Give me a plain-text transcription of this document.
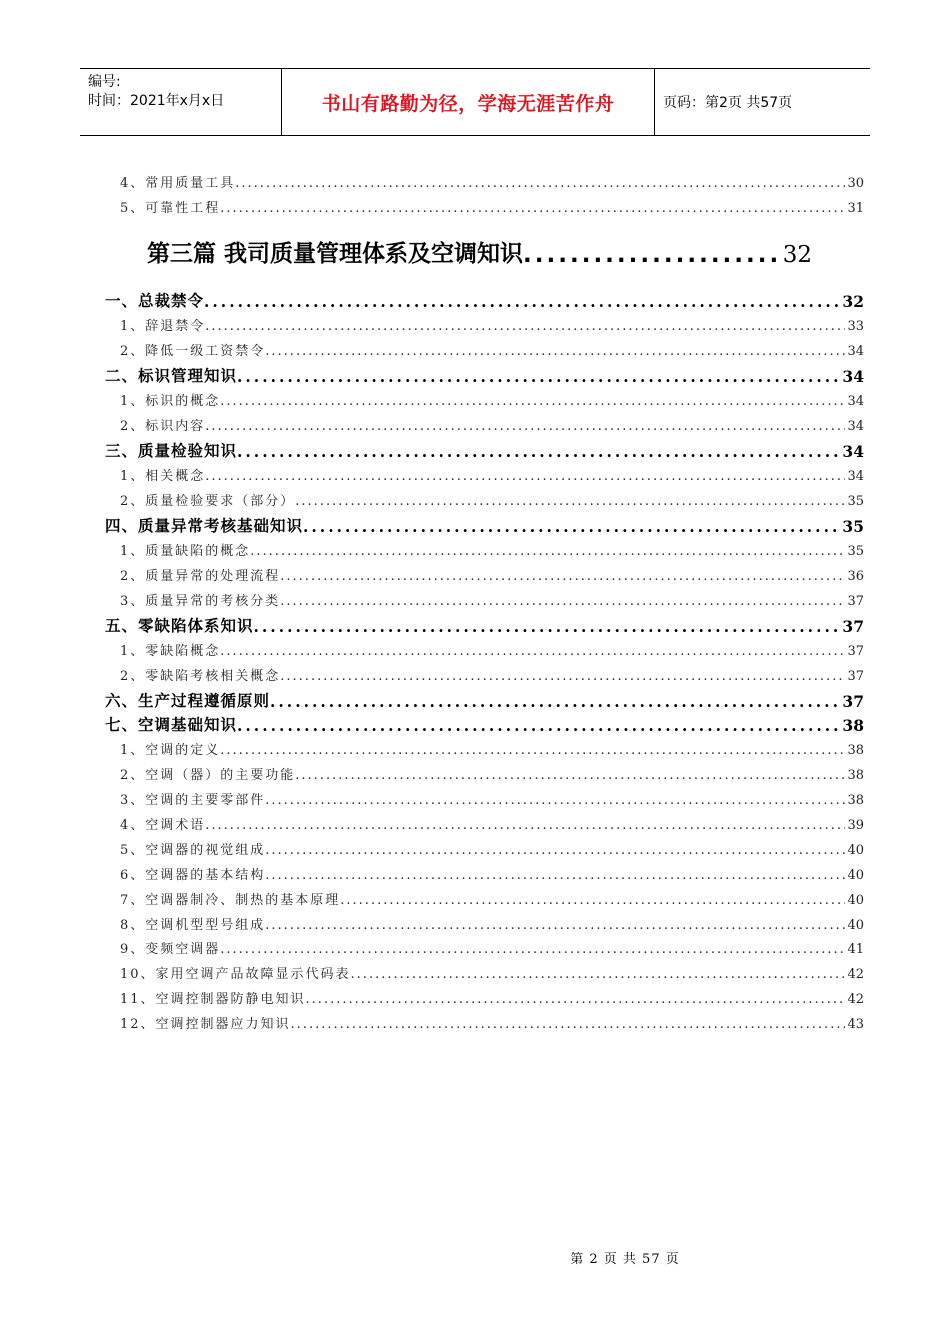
编号:
时间：2021年x月x日	书山有路勤为径，学海无涯苦作舟	页码：第2页 共57页
4、常用质量工具 .....	30
5、可靠性工程 .....	31
第三篇 我司质量管理体系及空调知识 .....	32
一、总裁禁令 .....	32
1、辞退禁令 .....	33
2、降低一级工资禁令 .....	34
二、标识管理知识 .....	34
1、标识的概念 .....	34
2、标识内容 .....	34
三、质量检验知识 .....	34
1、相关概念 .....	34
2、质量检验要求（部分） .....	35
四、质量异常考核基础知识 .....	35
1、质量缺陷的概念 .....	35
2、质量异常的处理流程 .....	36
3、质量异常的考核分类 .....	37
五、零缺陷体系知识 .....	37
1、零缺陷概念 .....	37
2、零缺陷考核相关概念 .....	37
六、生产过程遵循原则 .....	37
七、空调基础知识 .....	38
1、空调的定义 .....	38
2、空调（器）的主要功能 .....	38
3、空调的主要零部件 .....	38
4、空调术语 .....	39
5、空调器的视觉组成 .....	40
6、空调器的基本结构 .....	40
7、空调器制冷、制热的基本原理 .....	40
8、空调机型型号组成 .....	40
9、变频空调器 .....	41
10、家用空调产品故障显示代码表 .....	42
11、空调控制器防静电知识 .....	42
12、空调控制器应力知识 .....	43
第 2 页 共 57 页
